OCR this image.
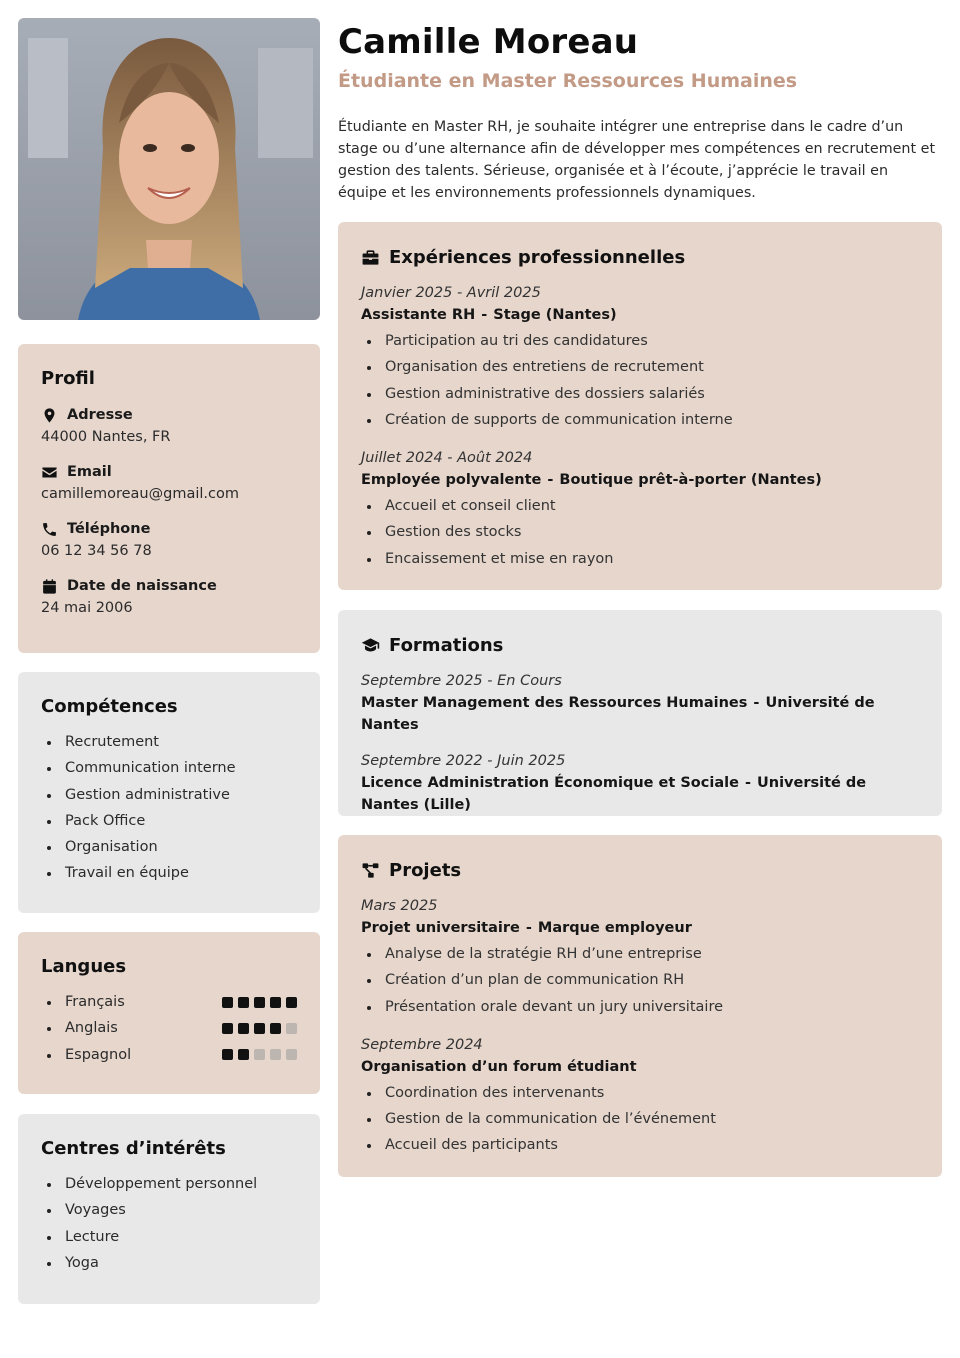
Profil
Adresse
44000 Nantes, FR
Email
camillemoreau@gmail.com
Téléphone
06 12 34 56 78
Date de naissance
24 mai 2006
Compétences
Recrutement
Communication interne
Gestion administrative
Pack Office
Organisation
Travail en équipe
Langues
Français
Anglais
Espagnol
Centres d’intérêts
Développement personnel
Voyages
Lecture
Yoga
Camille Moreau
Étudiante en Master Ressources Humaines
Étudiante en Master RH, je souhaite intégrer une entreprise dans le cadre d’un stage ou d’une alternance afin de développer mes compétences en recrutement et gestion des talents. Sérieuse, organisée et à l’écoute, j’apprécie le travail en équipe et les environnements professionnels dynamiques.
Expériences professionnelles
Janvier 2025 - Avril 2025
Assistante RH - Stage (Nantes)
Participation au tri des candidatures
Organisation des entretiens de recrutement
Gestion administrative des dossiers salariés
Création de supports de communication interne
Juillet 2024 - Août 2024
Employée polyvalente - Boutique prêt-à-porter (Nantes)
Accueil et conseil client
Gestion des stocks
Encaissement et mise en rayon
Formations
Septembre 2025 - En Cours
Master Management des Ressources Humaines - Université de Nantes
Septembre 2022 - Juin 2025
Licence Administration Économique et Sociale - Université de Nantes (Lille)
Projets
Mars 2025
Projet universitaire - Marque employeur
Analyse de la stratégie RH d’une entreprise
Création d’un plan de communication RH
Présentation orale devant un jury universitaire
Septembre 2024
Organisation d’un forum étudiant
Coordination des intervenants
Gestion de la communication de l’événement
Accueil des participants
